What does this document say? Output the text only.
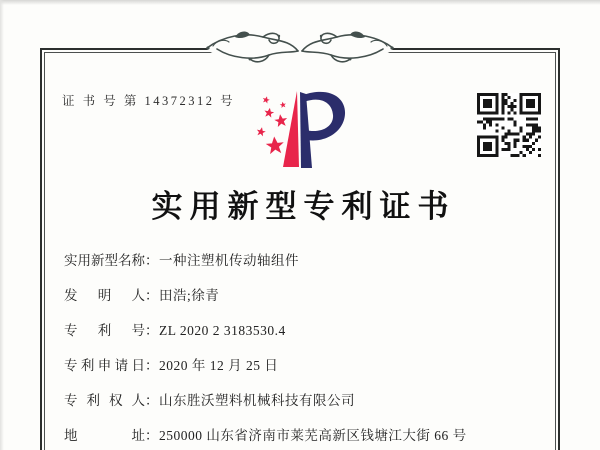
证 书 号 第 14372312 号
实用新型专利证书
实 用 新 型 名 称 ： 一种注塑机传动轴组件
发 明 人 ： 田浩;徐青
专 利 号 ： ZL 2020 2 3183530.4
专 利 申 请 日 ： 2020 年 12 月 25 日
专 利 权 人 ： 山东胜沃塑料机械科技有限公司
地	址 ： 250000 山东省济南市莱芜高新区钱塘江大街 66 号
